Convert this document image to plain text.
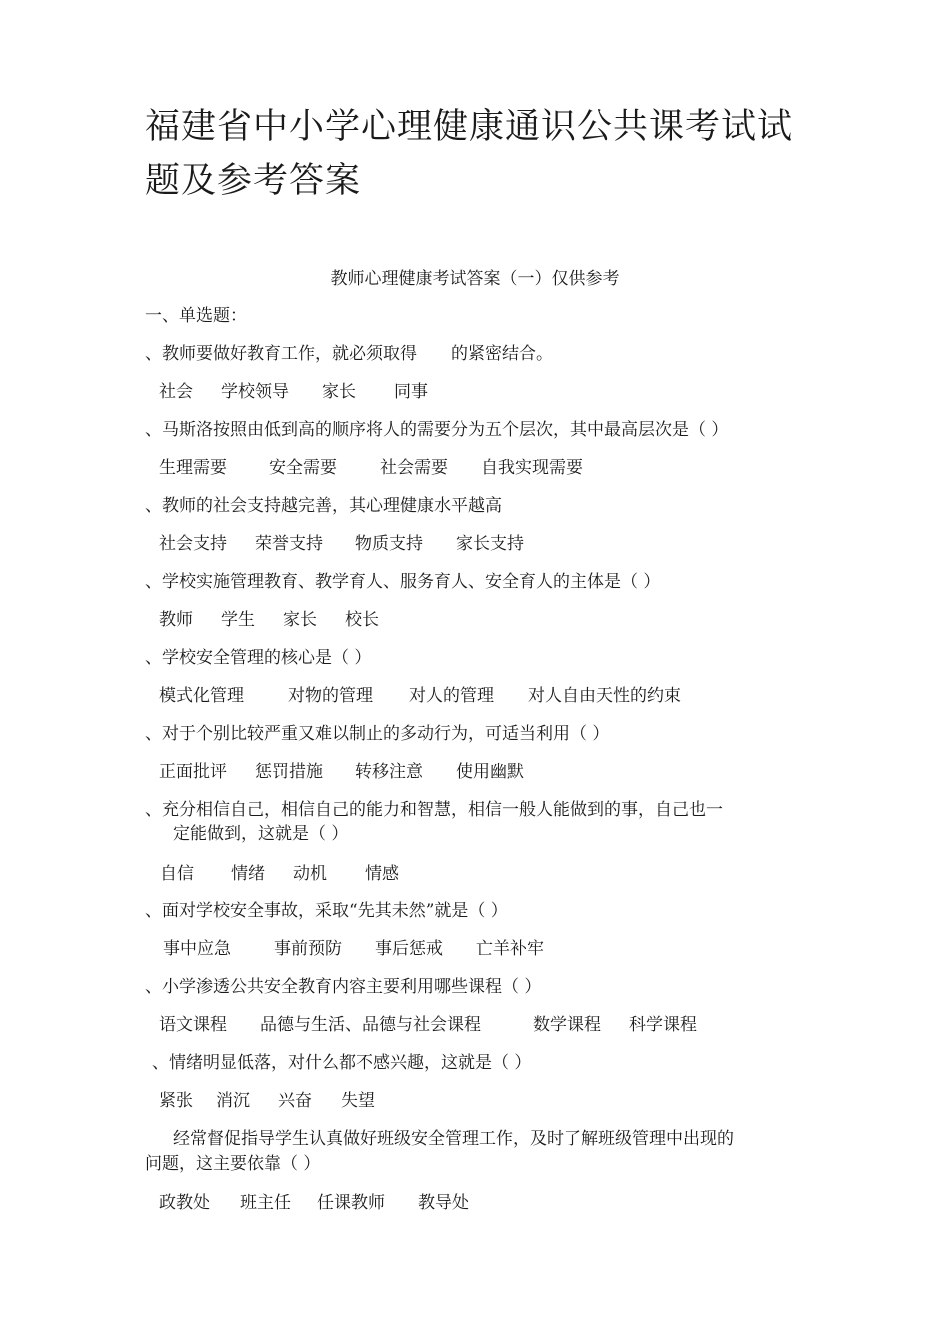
福建省中小学心理健康通识公共课考试试题及参考答案
教师心理健康考试答案（一）仅供参考
一、单选题：
、教师要做好教育工作，就必须取得　　的紧密结合。
社会 学校领导 家长 同事
、马斯洛按照由低到高的顺序将人的需要分为五个层次，其中最高层次是（ ）
生理需要 安全需要	社会需要 自我实现需要
、教师的社会支持越完善，其心理健康水平越高
社会支持 荣誉支持 物质支持 家长支持
、学校实施管理教育、教学育人、服务育人、安全育人的主体是（ ）
教师 学生 家长 校长
、学校安全管理的核心是（ ）
模式化管理	对物的管理 对人的管理 对人自由天性的约束
、对于个别比较严重又难以制止的多动行为，可适当利用（ ）
正面批评 惩罚措施 转移注意 使用幽默
、充分相信自己，相信自己的能力和智慧，相信一般人能做到的事，自己也一
定能做到，这就是（ ）
自信 情绪 动机 情感
、面对学校安全事故，采取“先其未然”就是（ ）
事中应急	事前预防 事后惩戒 亡羊补牢
、小学渗透公共安全教育内容主要利用哪些课程（ ）
语文课程 品德与生活、品德与社会课程	数学课程 科学课程
、情绪明显低落，对什么都不感兴趣，这就是（ ）
紧张 消沉 兴奋 失望
经常督促指导学生认真做好班级安全管理工作，及时了解班级管理中出现的
问题，这主要依靠（ ）
政教处 班主任 任课教师 教导处
